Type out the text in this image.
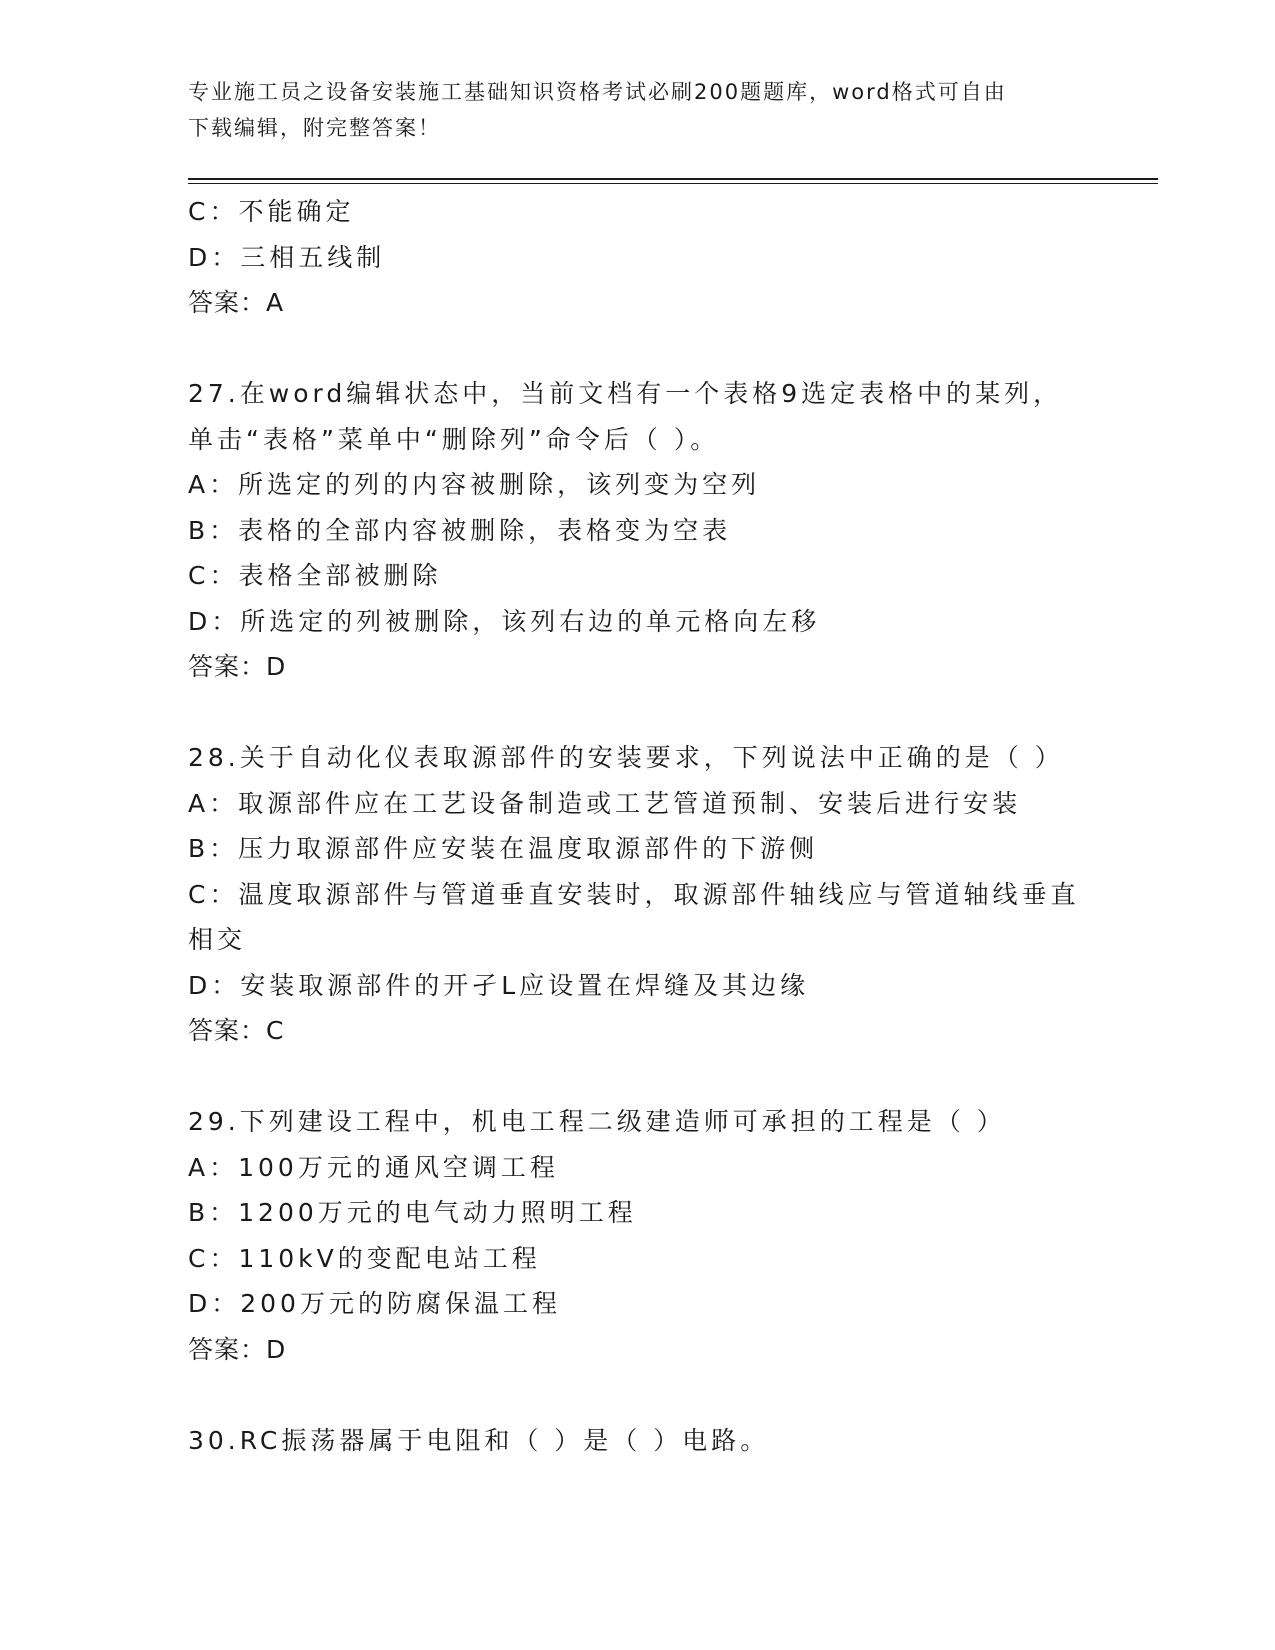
专业施工员之设备安装施工基础知识资格考试必刷200题题库，word格式可自由
下载编辑，附完整答案！
C：不能确定
D：三相五线制
答案：A
27.在word编辑状态中，当前文档有一个表格9选定表格中的某列，
单击“表格”菜单中“删除列”命令后（ ）。
A：所选定的列的内容被删除，该列变为空列
B：表格的全部内容被删除，表格变为空表
C：表格全部被删除
D：所选定的列被删除，该列右边的单元格向左移
答案：D
28.关于自动化仪表取源部件的安装要求，下列说法中正确的是（ ）
A：取源部件应在工艺设备制造或工艺管道预制、安装后进行安装
B：压力取源部件应安装在温度取源部件的下游侧
C：温度取源部件与管道垂直安装时，取源部件轴线应与管道轴线垂直
相交
D：安装取源部件的开孑L应设置在焊缝及其边缘
答案：C
29.下列建设工程中，机电工程二级建造师可承担的工程是（ ）
A：100万元的通风空调工程
B：1200万元的电气动力照明工程
C：110kV的变配电站工程
D：200万元的防腐保温工程
答案：D
30.RC振荡器属于电阻和（ ）是（ ）电路。
